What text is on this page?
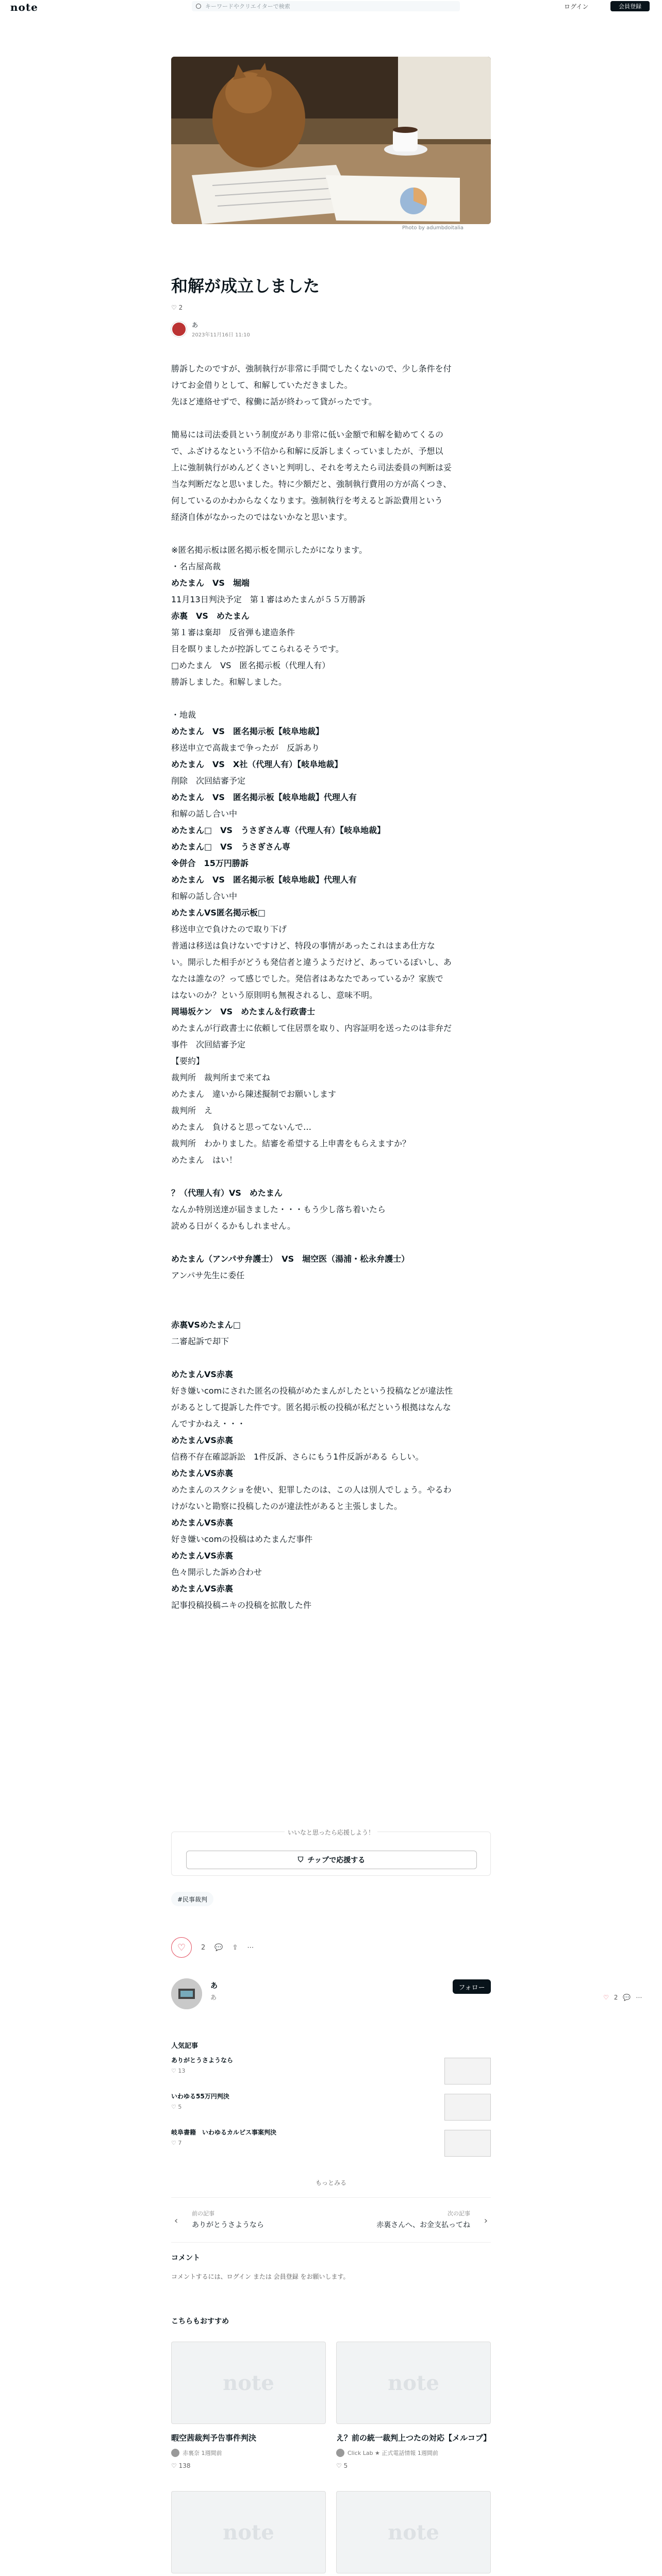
note	キーワードやクリエイターで検索	ログイン	会員登録
Photo by adumbdoitalia
和解が成立しました
♡ 2
あ
2023年11月16日 11:10

勝訴したのですが、強制執行が非常に手間でしたくないので、少し条件を付

けてお金借りとして、和解していただきました。

先ほど連絡せずで、稼働に話が終わって貸がったです。

簡易には司法委員という制度があり非常に低い金額で和解を勧めてくるの

で、ふざけるなという不信から和解に反訴しまくっていましたが、予想以

上に強制執行がめんどくさいと判明し、それを考えたら司法委員の判断は妥

当な判断だなと思いました。特に少額だと、強制執行費用の方が高くつき、

何しているのかわからなくなります。強制執行を考えると訴訟費用という

経済自体がなかったのではないかなと思います。

※匿名掲示板は匿名掲示板を開示したがになります。

・名古屋高裁

めたまん　VS　堀端

11月13日判決予定　第１審はめたまんが５５万勝訴

赤裏　VS　めたまん

第１審は棄却　反省弾も逮造条件

目を瞑りましたが控訴してこられるそうです。

□めたまん　VS　匿名掲示板（代理人有）

勝訴しました。和解しました。

・地裁

めたまん　VS　匿名掲示板【岐阜地裁】

移送申立で高裁まで争ったが　反訴あり

めたまん　VS　X社（代理人有）【岐阜地裁】

削除　次回結審予定

めたまん　VS　匿名掲示板【岐阜地裁】代理人有

和解の話し合い中

めたまん□　VS　うさぎさん専（代理人有）【岐阜地裁】

めたまん□　VS　うさぎさん専

※併合　15万円勝訴

めたまん　VS　匿名掲示板【岐阜地裁】代理人有

和解の話し合い中

めたまんVS匿名掲示板□

移送申立で負けたので取り下げ

普通は移送は負けないですけど、特段の事情があったこれはまあ仕方な

い。開示した相手がどうも発信者と違うようだけど、あっているぽいし、あ

なたは誰なの？って感じでした。発信者はあなたであっているか？家族で

はないのか？という原則明も無視されるし、意味不明。

岡場坂ケン　VS　めたまん＆行政書士

めたまんが行政書士に依頼して住居票を取り、内容証明を送ったのは非弁だ

事件　次回結審予定

【要約】

裁判所　裁判所まで来てね

めたまん　違いから陳述擬制でお願いします

裁判所　え

めたまん　負けると思ってないんで…

裁判所　わかりました。結審を希望する上申書をもらえますか？

めたまん　はい！

？（代理人有）VS　めたまん

なんか特別送達が届きました・・・もう少し落ち着いたら

読める日がくるかもしれません。

めたまん（アンパサ弁護士）　VS　堀空医（湯浦・松永弁護士）

アンパサ先生に委任

赤裏VSめたまん□

二審起訴で却下

めたまんVS赤裏

好き嫌いcomにされた匿名の投稿がめたまんがしたという投稿などが違法性

があるとして提訴した件です。匿名掲示板の投稿が私だという根拠はなんな

んですかねえ・・・

めたまんVS赤裏

信務不存在確認訴訟　1件反訴、さらにもう1件反訴がある らしい。

めたまんVS赤裏

めたまんのスクショを使い、犯罪したのは、この人は別人でしょう。やるわ

けがないと勘察に投稿したのが違法性があると主張しました。

めたまんVS赤裏

好き嫌いcomの投稿はめたまんだ事件

めたまんVS赤裏

色々開示した訴め合わせ

めたまんVS赤裏

記事投稿投稿ニキの投稿を拡散した件

いいなと思ったら応援しよう！
⛉ チップで応援する
#民事裁判
♡ 2 💬 ⇪ ⋯
あ
あ
フォロー
♡ 2 💬 ⋯
人気記事
ありがとうさようなら
♡ 13
いわゆる55万円判決
♡ 5
岐阜書籍　いわゆるカルピス事案判決
♡ 7
もっとみる
‹
前の記事
ありがとうさようなら
次の記事
赤裏さんへ、お金支払ってね ›
コメント
コメントするには、ログイン または 会員登録 をお願いします。
こちらもおすすめ
note
暇空茜裁判予告事件判決
赤裏奈 1週間前
♡ 138
note
え？前の統一裁判上つたの対応【メルコブ】
Click Lab ★ 正式電話情報 1週間前
♡ 5
note	note
